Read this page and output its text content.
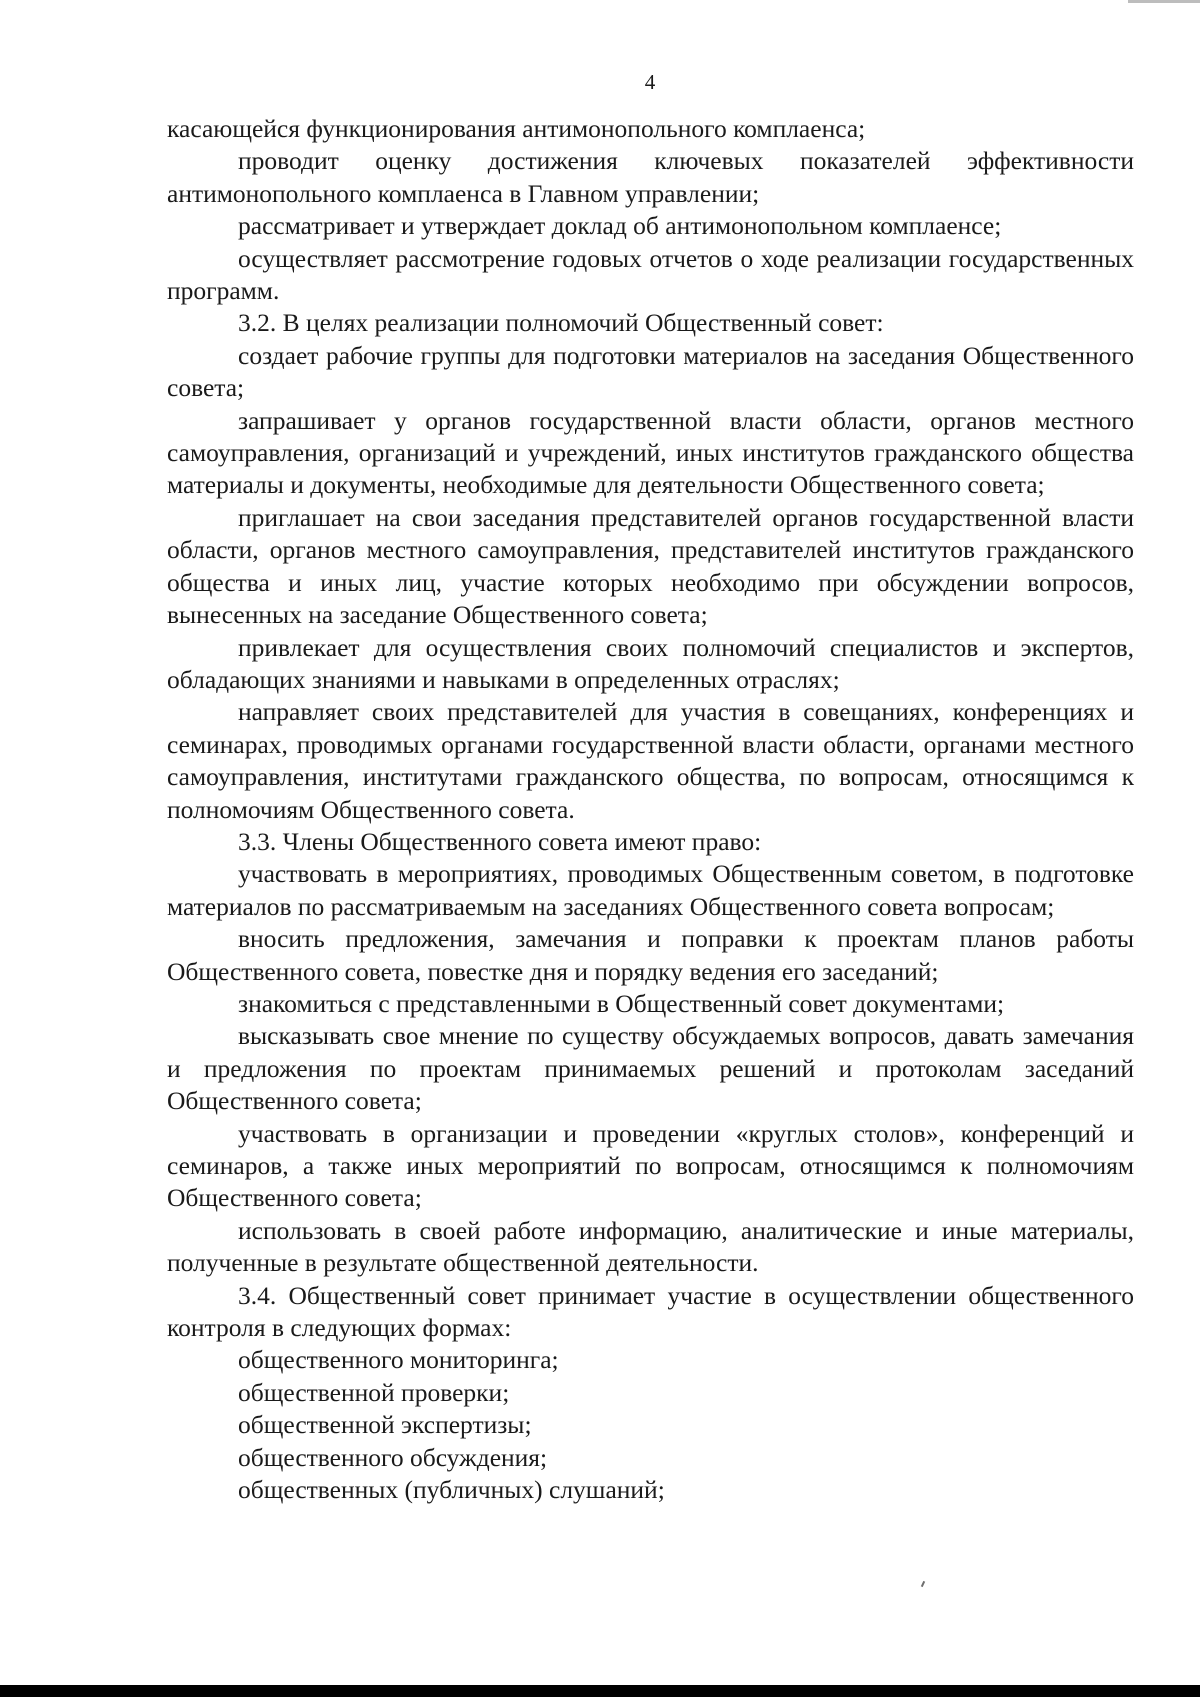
4

касающейся функционирования антимонопольного комплаенса;

проводит оценку достижения ключевых показателей эффективности антимонопольного комплаенса в Главном управлении;

рассматривает и утверждает доклад об антимонопольном комплаенсе;

осуществляет рассмотрение годовых отчетов о ходе реализации государственных программ.

3.2. В целях реализации полномочий Общественный совет:

создает рабочие группы для подготовки материалов на заседания Общественного совета;

запрашивает у органов государственной власти области, органов местного самоуправления, организаций и учреждений, иных институтов гражданского общества материалы и документы, необходимые для деятельности Общественного совета;

приглашает на свои заседания представителей органов государственной власти области, органов местного самоуправления, представителей институтов гражданского общества и иных лиц, участие которых необходимо при обсуждении вопросов, вынесенных на заседание Общественного совета;

привлекает для осуществления своих полномочий специалистов и экспертов, обладающих знаниями и навыками в определенных отраслях;

направляет своих представителей для участия в совещаниях, конференциях и семинарах, проводимых органами государственной власти области, органами местного самоуправления, институтами гражданского общества, по вопросам, относящимся к полномочиям Общественного совета.

3.3. Члены Общественного совета имеют право:

участвовать в мероприятиях, проводимых Общественным советом, в подготовке материалов по рассматриваемым на заседаниях Общественного совета вопросам;

вносить предложения, замечания и поправки к проектам планов работы Общественного совета, повестке дня и порядку ведения его заседаний;

знакомиться с представленными в Общественный совет документами;

высказывать свое мнение по существу обсуждаемых вопросов, давать замечания и предложения по проектам принимаемых решений и протоколам заседаний Общественного совета;

участвовать в организации и проведении «круглых столов», конференций и семинаров, а также иных мероприятий по вопросам, относящимся к полномочиям Общественного совета;

использовать в своей работе информацию, аналитические и иные материалы, полученные в результате общественной деятельности.

3.4. Общественный совет принимает участие в осуществлении общественного контроля в следующих формах:

общественного мониторинга;

общественной проверки;

общественной экспертизы;

общественного обсуждения;

общественных (публичных) слушаний;
